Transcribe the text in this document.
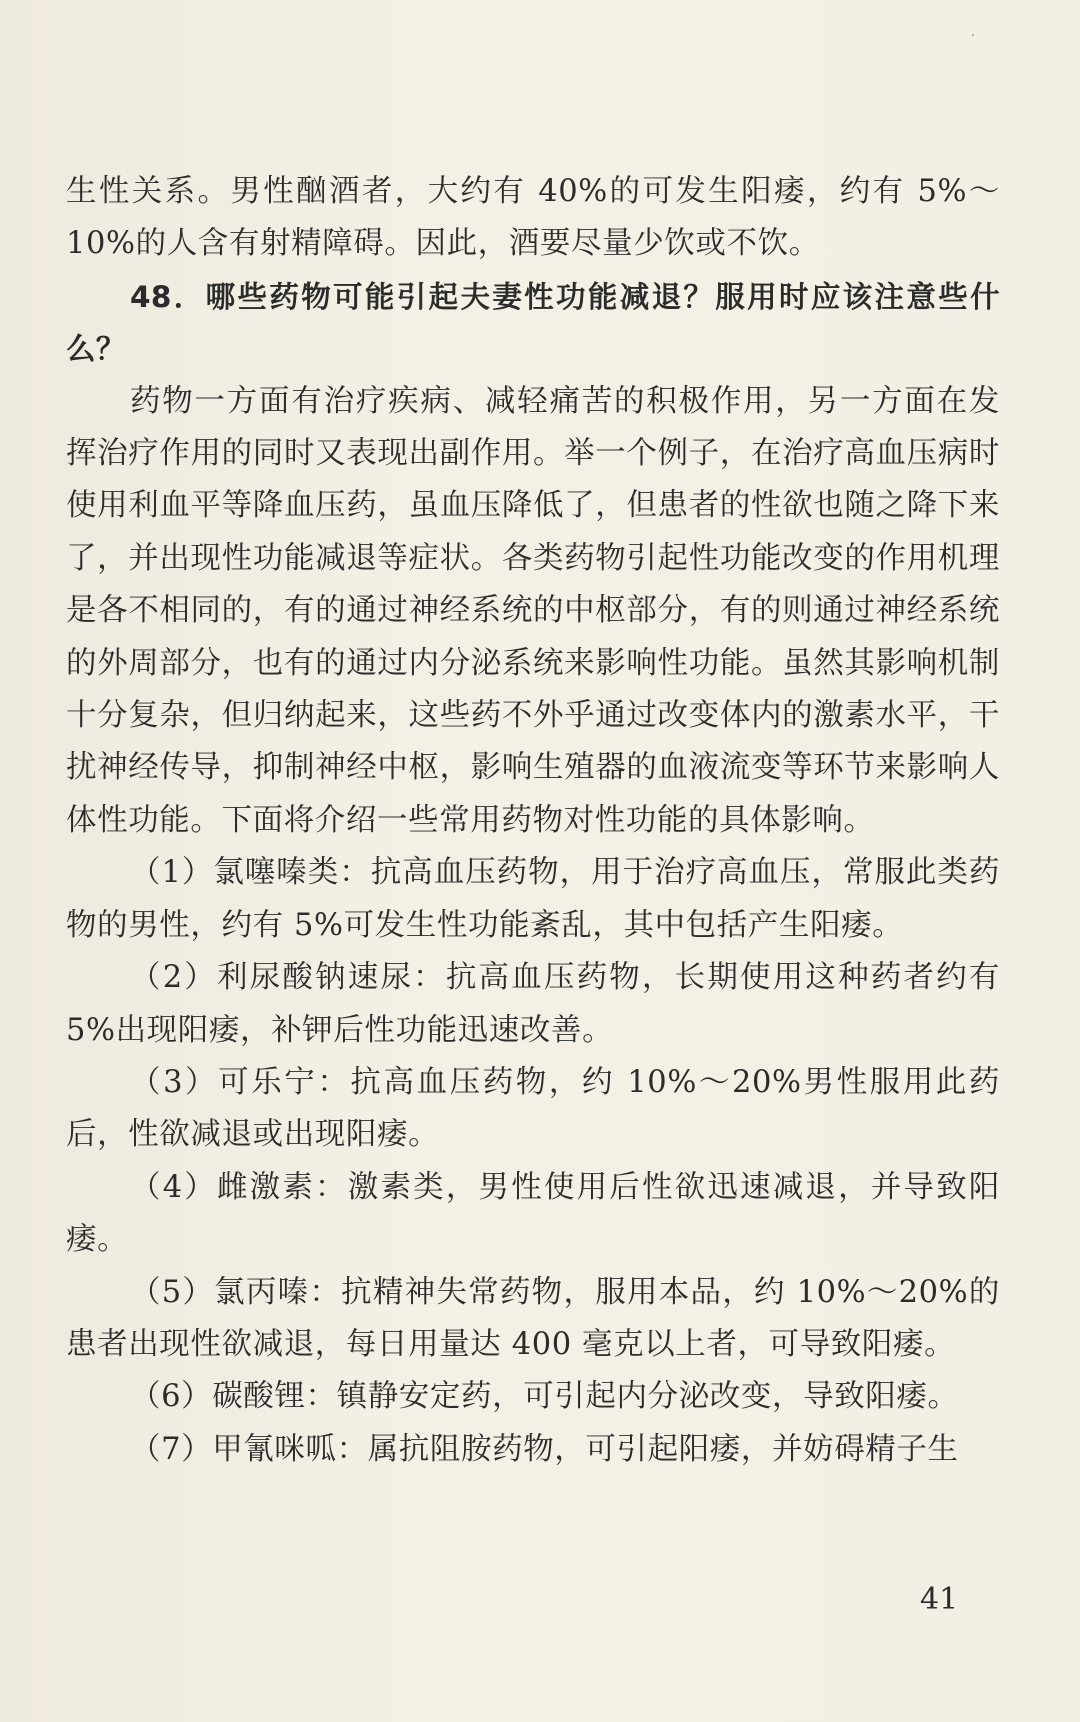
生性关系。男性酗酒者，大约有 40%的可发生阳痿，约有 5%～10%的人含有射精障碍。因此，酒要尽量少饮或不饮。

48．哪些药物可能引起夫妻性功能减退？服用时应该注意些什么？

药物一方面有治疗疾病、减轻痛苦的积极作用，另一方面在发挥治疗作用的同时又表现出副作用。举一个例子，在治疗高血压病时使用利血平等降血压药，虽血压降低了，但患者的性欲也随之降下来了，并出现性功能减退等症状。各类药物引起性功能改变的作用机理是各不相同的，有的通过神经系统的中枢部分，有的则通过神经系统的外周部分，也有的通过内分泌系统来影响性功能。虽然其影响机制十分复杂，但归纳起来，这些药不外乎通过改变体内的激素水平，干扰神经传导，抑制神经中枢，影响生殖器的血液流变等环节来影响人体性功能。下面将介绍一些常用药物对性功能的具体影响。

（1）氯噻嗪类：抗高血压药物，用于治疗高血压，常服此类药物的男性，约有 5%可发生性功能紊乱，其中包括产生阳痿。

（2）利尿酸钠速尿：抗高血压药物，长期使用这种药者约有 5%出现阳痿，补钾后性功能迅速改善。

（3）可乐宁：抗高血压药物，约 10%～20%男性服用此药后，性欲减退或出现阳痿。

（4）雌激素：激素类，男性使用后性欲迅速减退，并导致阳痿。

（5）氯丙嗪：抗精神失常药物，服用本品，约 10%～20%的患者出现性欲减退，每日用量达 400 毫克以上者，可导致阳痿。

（6）碳酸锂：镇静安定药，可引起内分泌改变，导致阳痿。

（7）甲氰咪呱：属抗阻胺药物，可引起阳痿，并妨碍精子生

41
